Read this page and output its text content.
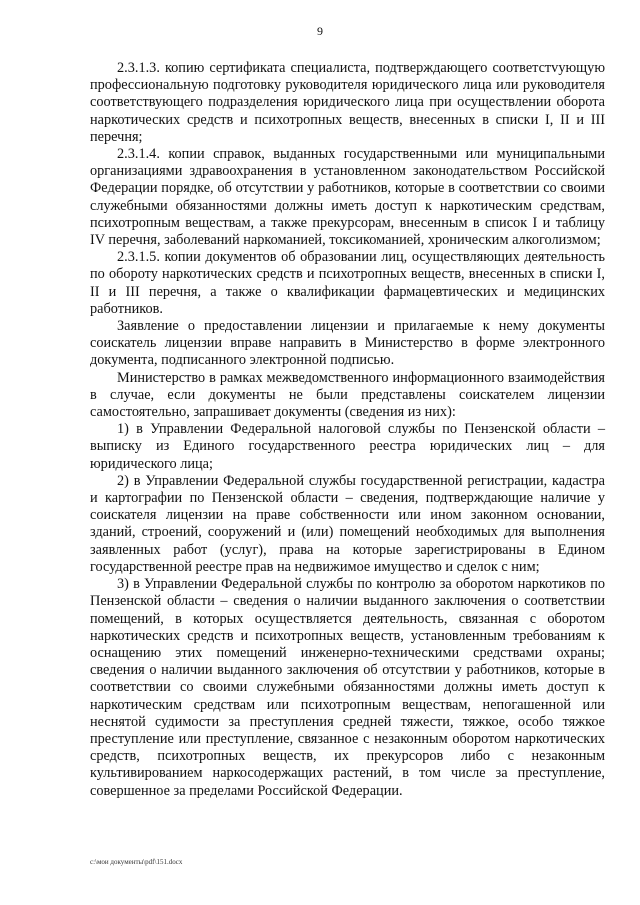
9

2.3.1.3. копию сертификата специалиста, подтверждающего соответстvующую профессиональную подготовку руководителя юридического лица или руководителя соответствующего подразделения юридического лица при осуществлении оборота наркотических средств и психотропных веществ, внесенных в списки I, II и III перечня;

2.3.1.4. копии справок, выданных государственными или муниципальными организациями здравоохранения в установленном законодательством Российской Федерации порядке, об отсутствии у работников, которые в соответствии со своими служебными обязанностями должны иметь доступ к наркотическим средствам, психотропным веществам, а также прекурсорам, внесенным в список I и таблицу IV перечня, заболеваний наркоманией, токсикоманией, хроническим алкоголизмом;

2.3.1.5. копии документов об образовании лиц, осуществляющих деятельность по обороту наркотических средств и психотропных веществ, внесенных в списки I, II и III перечня, а также о квалификации фармацевтических и медицинских работников.

Заявление о предоставлении лицензии и прилагаемые к нему документы соискатель лицензии вправе направить в Министерство в форме электронного документа, подписанного электронной подписью.

Министерство в рамках межведомственного информационного взаимодействия в случае, если документы не были представлены соискателем лицензии самостоятельно, запрашивает документы (сведения из них):

1) в Управлении Федеральной налоговой службы по Пензенской области – выписку из Единого государственного реестра юридических лиц – для юридического лица;

2) в Управлении Федеральной службы государственной регистрации, кадастра и картографии по Пензенской области – сведения, подтверждающие наличие у соискателя лицензии на праве собственности или ином законном основании, зданий, строений, сооружений и (или) помещений необходимых для выполнения заявленных работ (услуг), права на которые зарегистрированы в Едином государственной реестре прав на недвижимое имущество и сделок с ним;

3) в Управлении Федеральной службы по контролю за оборотом наркотиков по Пензенской области – сведения о наличии выданного заключения о соответствии помещений, в которых осуществляется деятельность, связанная с оборотом наркотических средств и психотропных веществ, установленным требованиям к оснащению этих помещений инженерно-техническими средствами охраны; сведения о наличии выданного заключения об отсутствии у работников, которые в соответствии со своими служебными обязанностями должны иметь доступ к наркотическим средствам или психотропным веществам, непогашенной или неснятой судимости за преступления средней тяжести, тяжкое, особо тяжкое преступление или преступление, связанное с незаконным оборотом наркотических средств, психотропных веществ, их прекурсоров либо с незаконным культивированием наркосодержащих растений, в том числе за преступление, совершенное за пределами Российской Федерации.

c:\мои документы\pdf\151.docx
